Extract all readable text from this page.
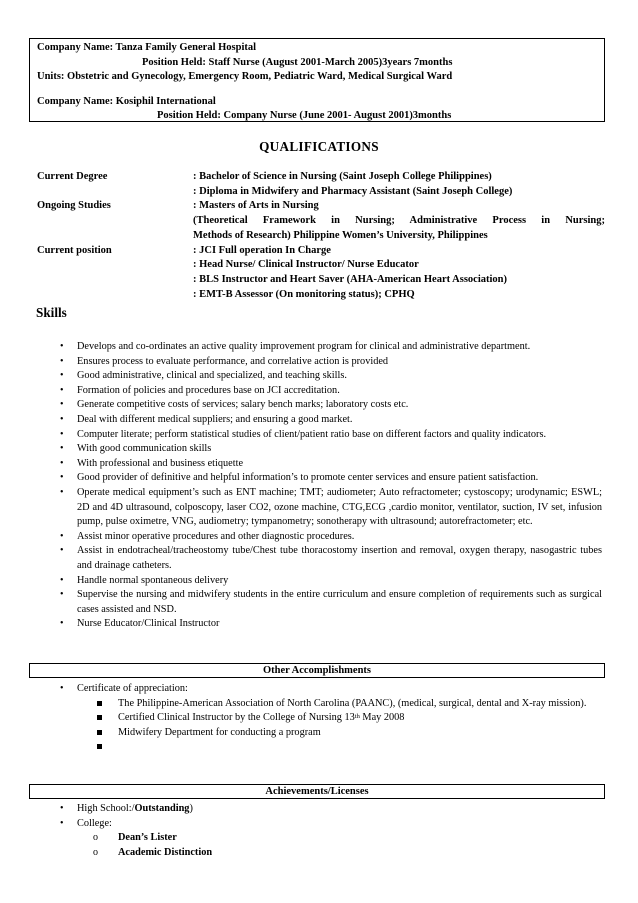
Company Name: Tanza Family General Hospital
Position Held: Staff Nurse (August 2001-March 2005)3years 7months
Units: Obstetric and Gynecology, Emergency Room, Pediatric Ward, Medical Surgical Ward
Company Name: Kosiphil International
Position Held: Company Nurse (June 2001- August 2001)3months
QUALIFICATIONS
Current Degree	: Bachelor of Science in Nursing (Saint Joseph College Philippines)
: Diploma in Midwifery and Pharmacy Assistant (Saint Joseph College)
Ongoing Studies	: Masters of Arts in Nursing
(Theoretical Framework in Nursing; Administrative Process in Nursing;
Methods of Research) Philippine Women’s University, Philippines
Current position	: JCI Full operation In Charge
: Head Nurse/ Clinical Instructor/ Nurse Educator
: BLS Instructor and Heart Saver (AHA-American Heart Association)
: EMT-B Assessor (On monitoring status); CPHQ
Skills
• Develops and co-ordinates an active quality improvement program for clinical and administrative department.
• Ensures process to evaluate performance, and correlative action is provided
• Good administrative, clinical and specialized, and teaching skills.
• Formation of policies and procedures base on JCI accreditation.
• Generate competitive costs of services; salary bench marks; laboratory costs etc.
• Deal with different medical suppliers; and ensuring a good market.
• Computer literate; perform statistical studies of client/patient ratio base on different factors and quality indicators.
• With good communication skills
• With professional and business etiquette
• Good provider of definitive and helpful information’s to promote center services and ensure patient satisfaction.
• Operate medical equipment’s such as ENT machine; TMT; audiometer; Auto refractometer; cystoscopy; urodynamic; ESWL; 2D and 4D ultrasound, colposcopy, laser CO2, ozone machine, CTG,ECG ,cardio monitor, ventilator, suction, IV set, infusion pump, pulse oximetre, VNG, audiometry; tympanometry; sonotherapy with ultrasound; autorefractometer; etc.
• Assist minor operative procedures and other diagnostic procedures.
• Assist in endotracheal/tracheostomy tube/Chest tube thoracostomy insertion and removal, oxygen therapy, nasogastric tubes and drainage catheters.
• Handle normal spontaneous delivery
• Supervise the nursing and midwifery students in the entire curriculum and ensure completion of requirements such as surgical cases assisted and NSD.
• Nurse Educator/Clinical Instructor
Other Accomplishments
• Certificate of appreciation:
The Philippine-American Association of North Carolina (PAANC), (medical, surgical, dental and X-ray mission).
Certified Clinical Instructor by the College of Nursing 13th May 2008
Midwifery Department for conducting a program
Achievements/Licenses
• High School:/Outstanding)
• College:
o Dean’s Lister
o Academic Distinction
